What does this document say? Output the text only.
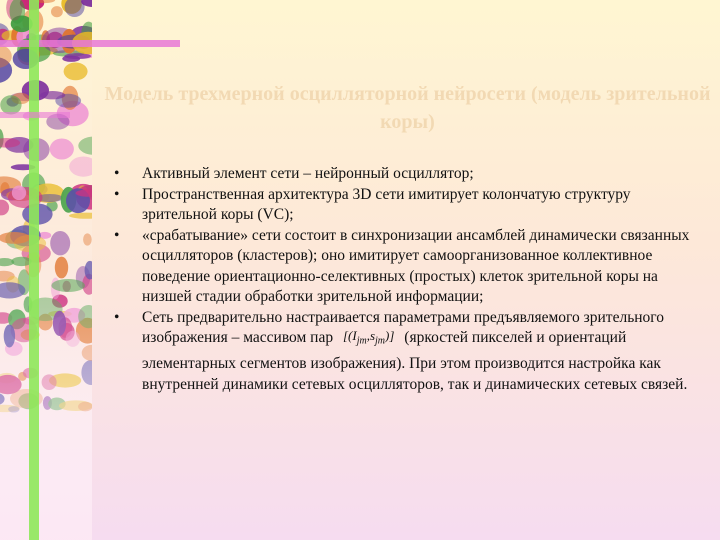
Модель трехмерной осцилляторной нейросети (модель зрительной коры)
• Активный элемент сети – нейронный осциллятор;
• Пространственная архитектура 3D сети имитирует колончатую структуру зрительной коры (VC);
• «срабатывание» сети состоит в синхронизации ансамблей динамически связанных осцилляторов (кластеров); оно имитирует самоорганизованное коллективное поведение ориентационно-селективных (простых) клеток зрительной коры на низшей стадии обработки зрительной информации;
• Сеть предварительно настраивается параметрами предъявляемого зрительного изображения – массивом пар $[(I_{jm},s_{jm})]$ (яркостей пикселей и ориентаций элементарных сегментов изображения). При этом производится настройка как внутренней динамики сетевых осцилляторов, так и динамических сетевых связей.
